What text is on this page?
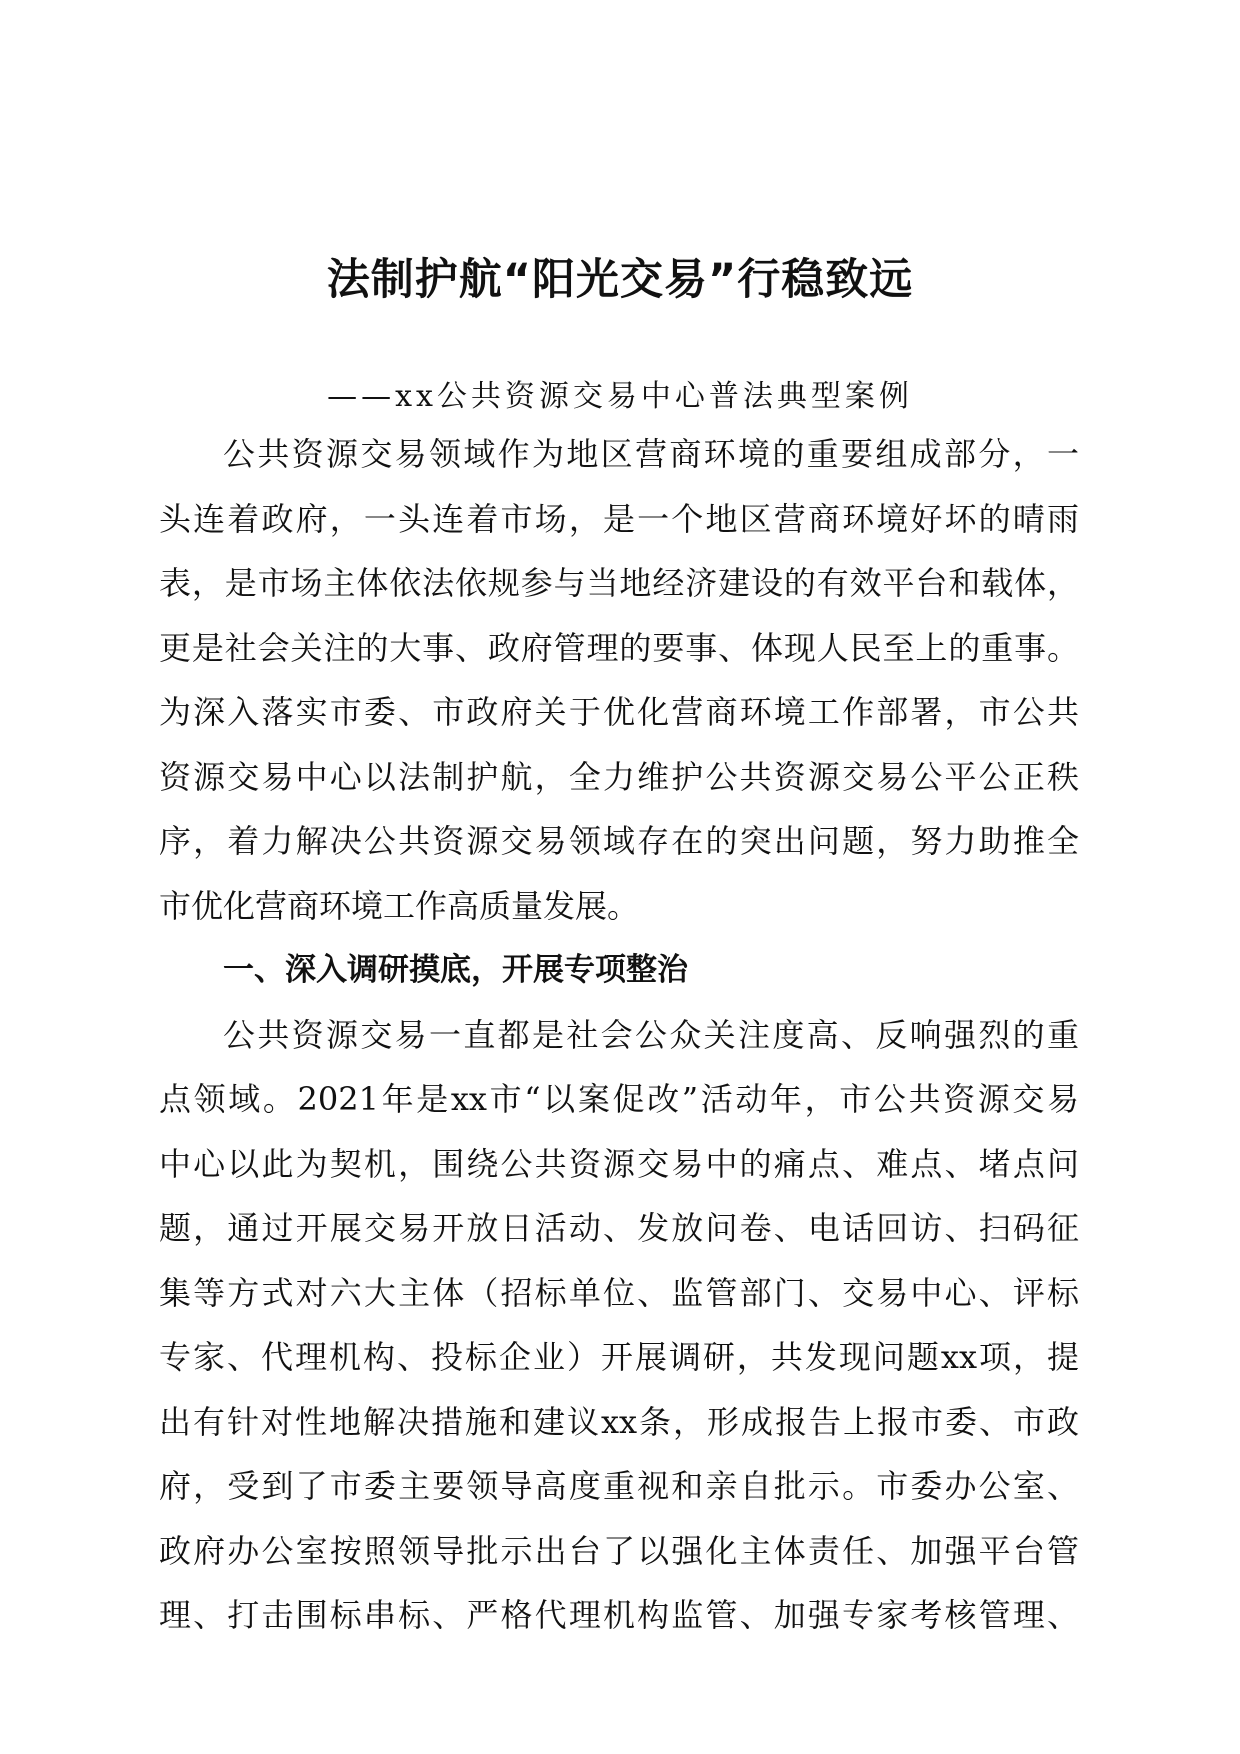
法制护航“阳光交易”行稳致远

——xx公共资源交易中心普法典型案例

公共资源交易领域作为地区营商环境的重要组成部分，一
头连着政府，一头连着市场，是一个地区营商环境好坏的晴雨
表，是市场主体依法依规参与当地经济建设的有效平台和载体，
更是社会关注的大事、政府管理的要事、体现人民至上的重事。
为深入落实市委、市政府关于优化营商环境工作部署，市公共
资源交易中心以法制护航，全力维护公共资源交易公平公正秩
序，着力解决公共资源交易领域存在的突出问题，努力助推全
市优化营商环境工作高质量发展。
一、深入调研摸底，开展专项整治
公共资源交易一直都是社会公众关注度高、反响强烈的重
点领域。2021年是xx市“以案促改”活动年，市公共资源交易
中心以此为契机，围绕公共资源交易中的痛点、难点、堵点问
题，通过开展交易开放日活动、发放问卷、电话回访、扫码征
集等方式对六大主体（招标单位、监管部门、交易中心、评标
专家、代理机构、投标企业）开展调研，共发现问题xx项，提
出有针对性地解决措施和建议xx条，形成报告上报市委、市政
府，受到了市委主要领导高度重视和亲自批示。市委办公室、
政府办公室按照领导批示出台了以强化主体责任、加强平台管
理、打击围标串标、严格代理机构监管、加强专家考核管理、
